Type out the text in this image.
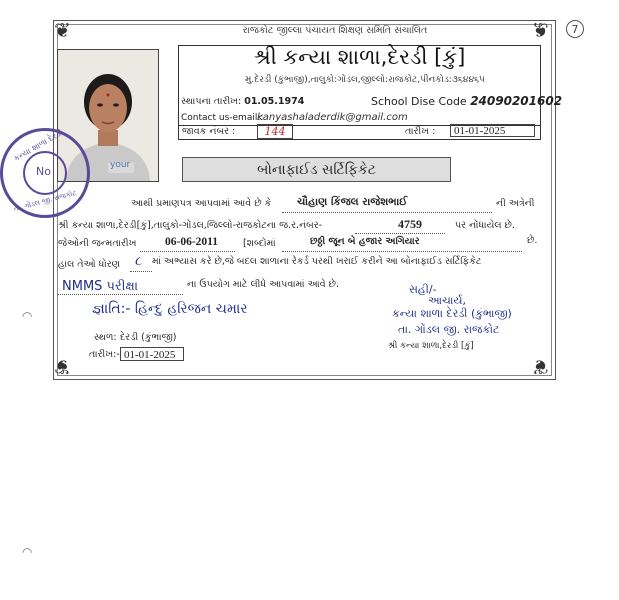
7
❦	❦
❦	❦
રાજકોટ જીલ્લા પંચાયત શિક્ષણ સમિતિ સંચાલિત
your
શ્રી કન્યા શાળા,દેરડી [કું]
મુ.દેરડી (કુંભાજી),તાલુકો:ગોંડલ,જીલ્લો:રાજકોટ,પીનકોડ:૩૬૪૪૬૫
સ્થાપના તારીખ: 01.05.1974	School Dise Code 24090201602
Contact us-email::
kanyashaladerdik@gmail.com
જાવક નંબર :	144	તારીખ :	01-01-2025
બોનાફાઈડ સર્ટિફિકેટ
આથી પ્રમાણપત્ર આપવામાં આવે છે કે ચૌહાણ કિંજલ રાજેશભાઈ	ની અત્રેની
શ્રી કન્યા શાળા,દેરડી[કું],તાલુકો-ગોંડલ,જિલ્લો-રાજકોટના જ.ર.નંબર-	4759	પર નોંધાયેલ છે.
જેઓની જન્મતારીખ 06-06-2011	[શબ્દોમાં	છઠ્ઠી જૂન બે હજાર અગિયાર	છે.
હાલ તેઓ ધોરણ ૮ માં અભ્યાસ કરે છે,જે બદલ શાળાના રેકર્ડ પરથી ખરાઈ કરીને આ બોનાફાઈડ સર્ટિફિકેટ
NMMS પરીક્ષા	ના ઉપયોગ માટે લીધે આપવામાં આવે છે.
જ્ઞાતિ:- હિન્દુ હરિજન ચમાર
સ્થળ: દેરડી (કુંભાજી)
તારીખ:- 01-01-2025
સહી/-
આચાર્ય,
કન્યા શાળા દેરડી (કુંભાજી)
તા. ગોંડલ જી. રાજકોટ
શ્રી કન્યા શાળા,દેરડી [કું]
કન્યા શાળા દેરડી
No
તા. ગોંડલ જી. રાજકોટ
◠
◠
